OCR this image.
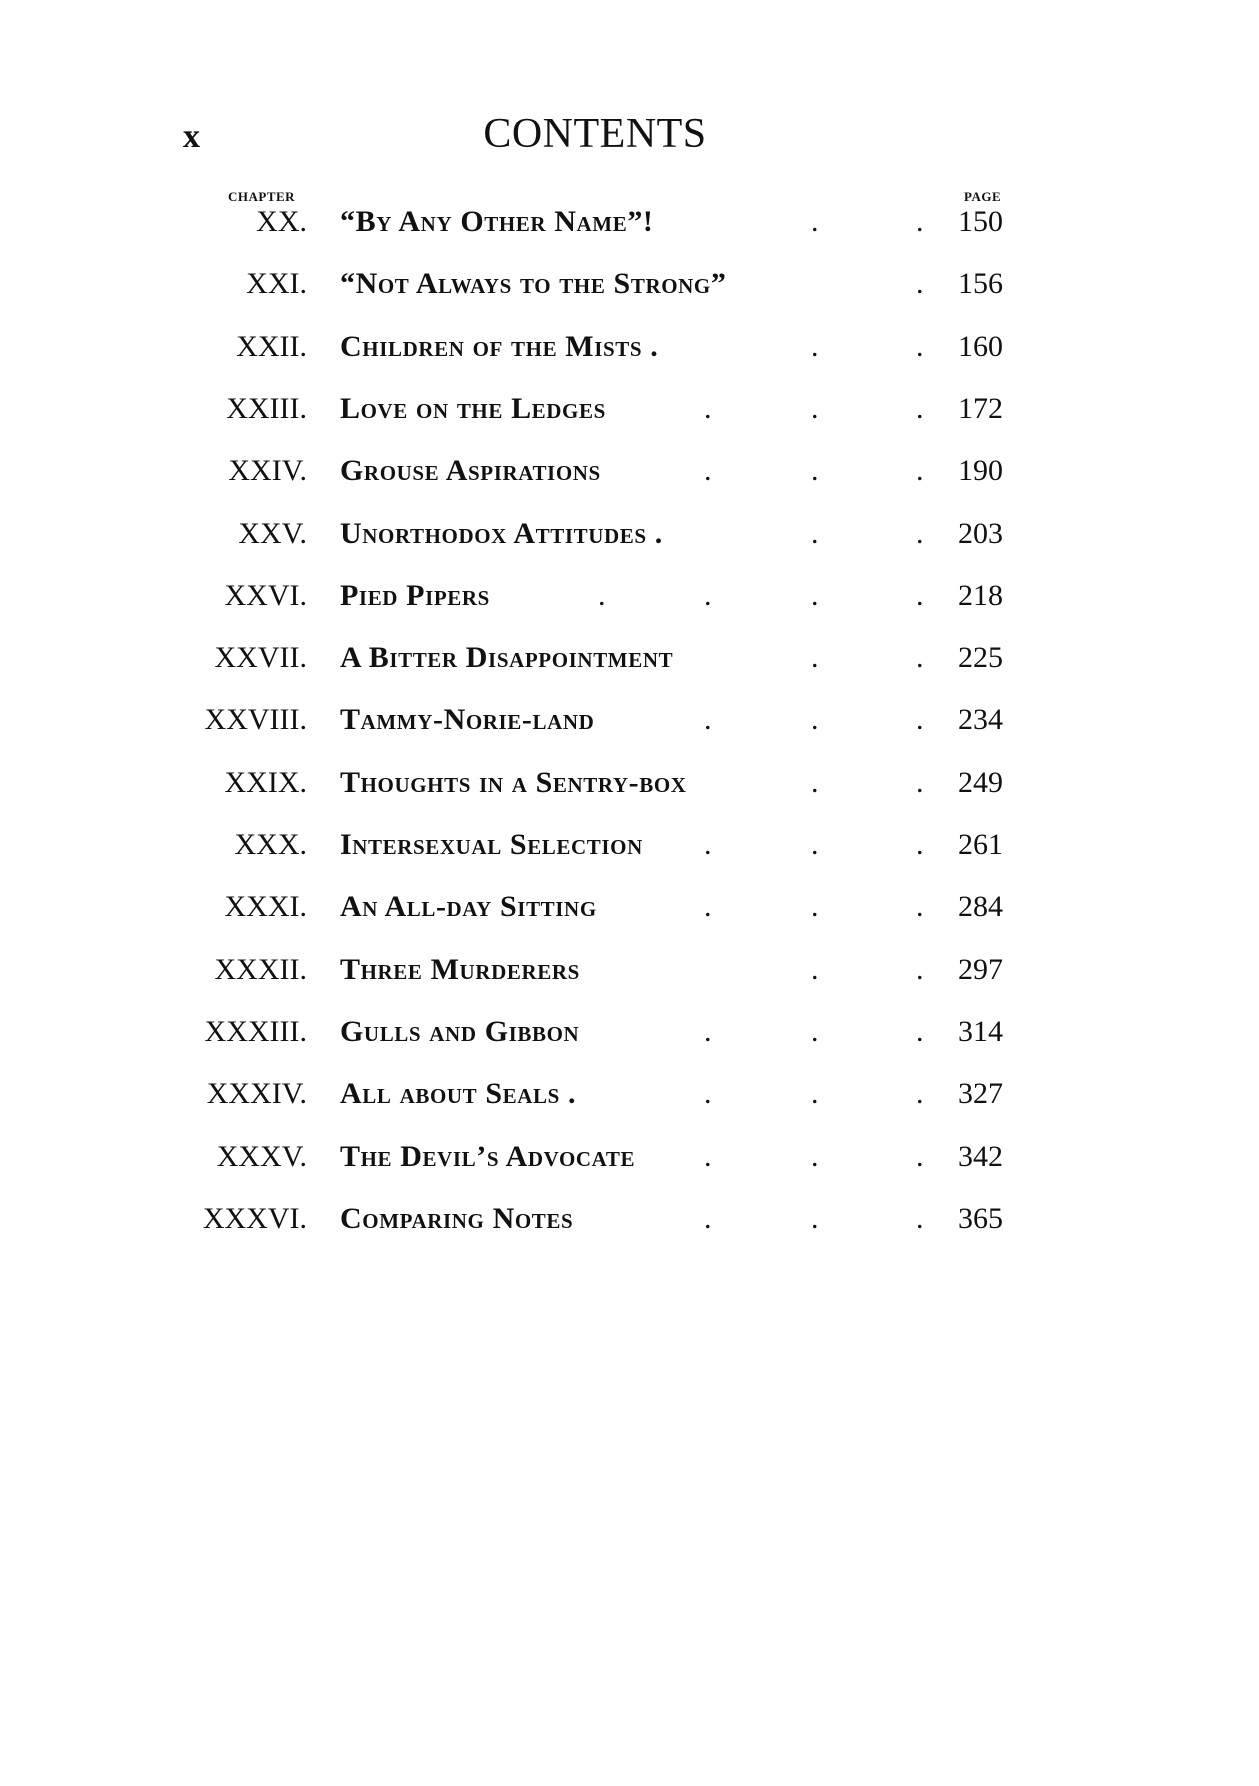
x	CONTENTS
CHAPTER	PAGE
XX. “By Any Other Name”!	.	. 150
XXI. “Not Always to the Strong”	. 156
XXII. Children of the Mists .	.	. 160
XXIII. Love on the Ledges	.	.	. 172
XXIV. Grouse Aspirations	.	.	. 190
XXV. Unorthodox Attitudes .	.	. 203
XXVI. Pied Pipers	.	.	.	. 218
XXVII. A Bitter Disappointment	.	. 225
XXVIII. Tammy-Norie-land	.	.	. 234
XXIX. Thoughts in a Sentry-box	.	. 249
XXX. Intersexual Selection .	.	. 261
XXXI. An All-day Sitting	.	.	. 284
XXXII. Three Murderers	.	. 297
XXXIII. Gulls and Gibbon	.	.	. 314
XXXIV. All about Seals .	.	.	. 327
XXXV. The Devil’s Advocate .	.	. 342
XXXVI. Comparing Notes	.	.	. 365
